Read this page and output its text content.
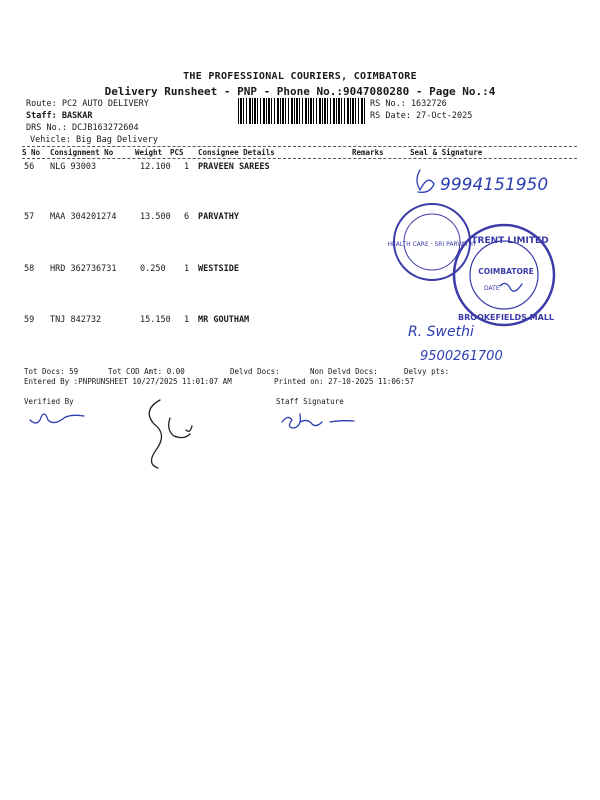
THE PROFESSIONAL COURIERS, COIMBATORE
Delivery Runsheet - PNP - Phone No.:9047080280 - Page No.:4
Route: PC2 AUTO DELIVERY
Staff: BASKAR
DRS No.: DCJB163272604
Vehicle: Big Bag Delivery
RS No.: 1632726
RS Date: 27-Oct-2025
S No Consignment No	Weight PCS Consignee Details	Remarks	Seal & Signature
56 NLG 93003	12.100 1 PRAVEEN SAREES
57 MAA 304201274	13.500 6 PARVATHY
58 HRD 362736731	0.250 1 WESTSIDE
59 TNJ 842732	15.150 1 MR GOUTHAM
9994151950
HEALTH CARE · SRI PARVATHY
TRENT LIMITED
COIMBATORE
DATE
BROOKEFIELDS MALL
R. Swethi
9500261700
Tot Docs: 59	Tot COD Amt: 0.00	Delvd Docs:	Non Delvd Docs:	Delvy pts:
Entered By :PNPRUNSHEET 10/27/2025 11:01:07 AM	Printed on: 27-10-2025 11:06:57
Verified By	Staff Signature
